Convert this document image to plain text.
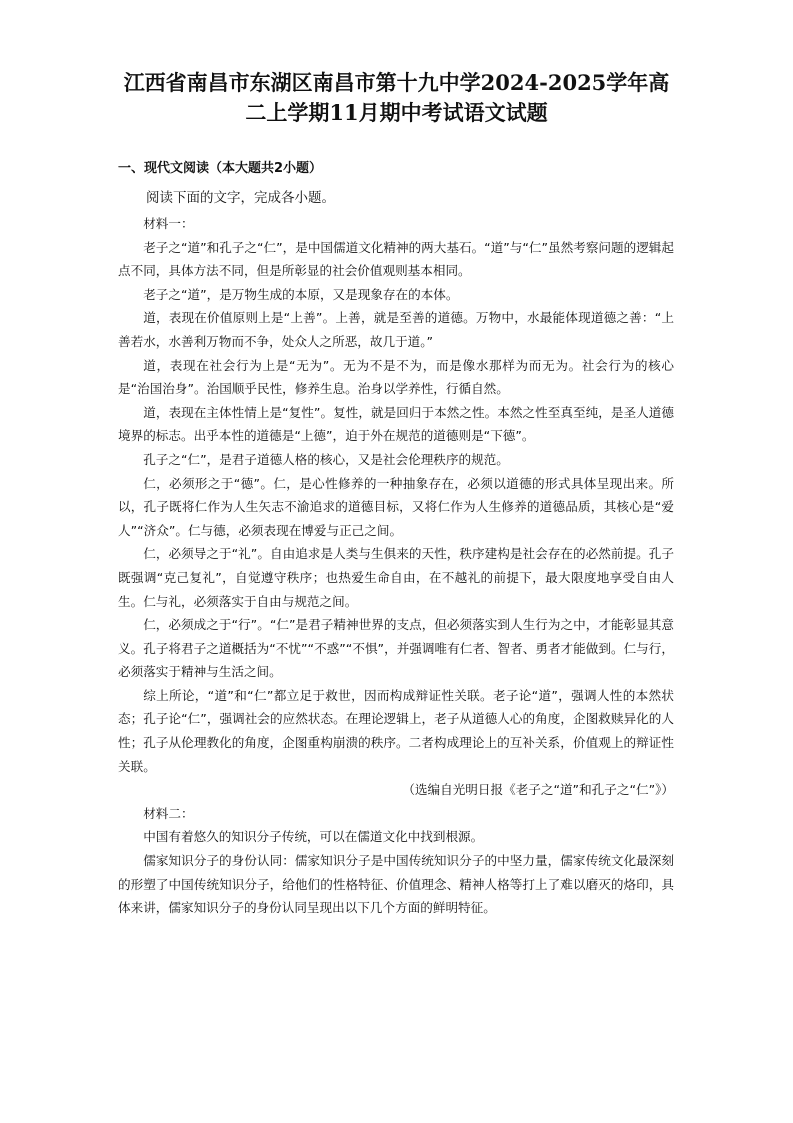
江西省南昌市东湖区南昌市第十九中学2024-2025学年高
二上学期11月期中考试语文试题
一、现代文阅读（本大题共2小题）
阅读下面的文字，完成各小题。

材料一：

老子之“道”和孔子之“仁”，是中国儒道文化精神的两大基石。“道”与“仁”虽然考察问题的逻辑起点不同，具体方法不同，但是所彰显的社会价值观则基本相同。

老子之“道”，是万物生成的本原，又是现象存在的本体。

道，表现在价值原则上是“上善”。上善，就是至善的道德。万物中，水最能体现道德之善：“上善若水，水善利万物而不争，处众人之所恶，故几于道。”

道，表现在社会行为上是“无为”。无为不是不为，而是像水那样为而无为。社会行为的核心是“治国治身”。治国顺乎民性，修养生息。治身以学养性，行循自然。

道，表现在主体性情上是“复性”。复性，就是回归于本然之性。本然之性至真至纯，是圣人道德境界的标志。出乎本性的道德是“上德”，迫于外在规范的道德则是“下德”。

孔子之“仁”，是君子道德人格的核心，又是社会伦理秩序的规范。

仁，必须形之于“德”。仁，是心性修养的一种抽象存在，必须以道德的形式具体呈现出来。所以，孔子既将仁作为人生矢志不渝追求的道德目标，又将仁作为人生修养的道德品质，其核心是“爱人”“济众”。仁与德，必须表现在博爱与正己之间。

仁，必须导之于“礼”。自由追求是人类与生俱来的天性，秩序建构是社会存在的必然前提。孔子既强调“克己复礼”，自觉遵守秩序；也热爱生命自由，在不越礼的前提下，最大限度地享受自由人生。仁与礼，必须落实于自由与规范之间。

仁，必须成之于“行”。“仁”是君子精神世界的支点，但必须落实到人生行为之中，才能彰显其意义。孔子将君子之道概括为“不忧”“不惑”“不惧”，并强调唯有仁者、智者、勇者才能做到。仁与行，必须落实于精神与生活之间。

综上所论，“道”和“仁”都立足于救世，因而构成辩证性关联。老子论“道”，强调人性的本然状态；孔子论“仁”，强调社会的应然状态。在理论逻辑上，老子从道德人心的角度，企图救赎异化的人性；孔子从伦理教化的角度，企图重构崩溃的秩序。二者构成理论上的互补关系，价值观上的辩证性关联。

（选编自光明日报《老子之“道”和孔子之“仁”》）

材料二：

中国有着悠久的知识分子传统，可以在儒道文化中找到根源。

儒家知识分子的身份认同：儒家知识分子是中国传统知识分子的中坚力量，儒家传统文化最深刻的形塑了中国传统知识分子，给他们的性格特征、价值理念、精神人格等打上了难以磨灭的烙印，具体来讲，儒家知识分子的身份认同呈现出以下几个方面的鲜明特征。
